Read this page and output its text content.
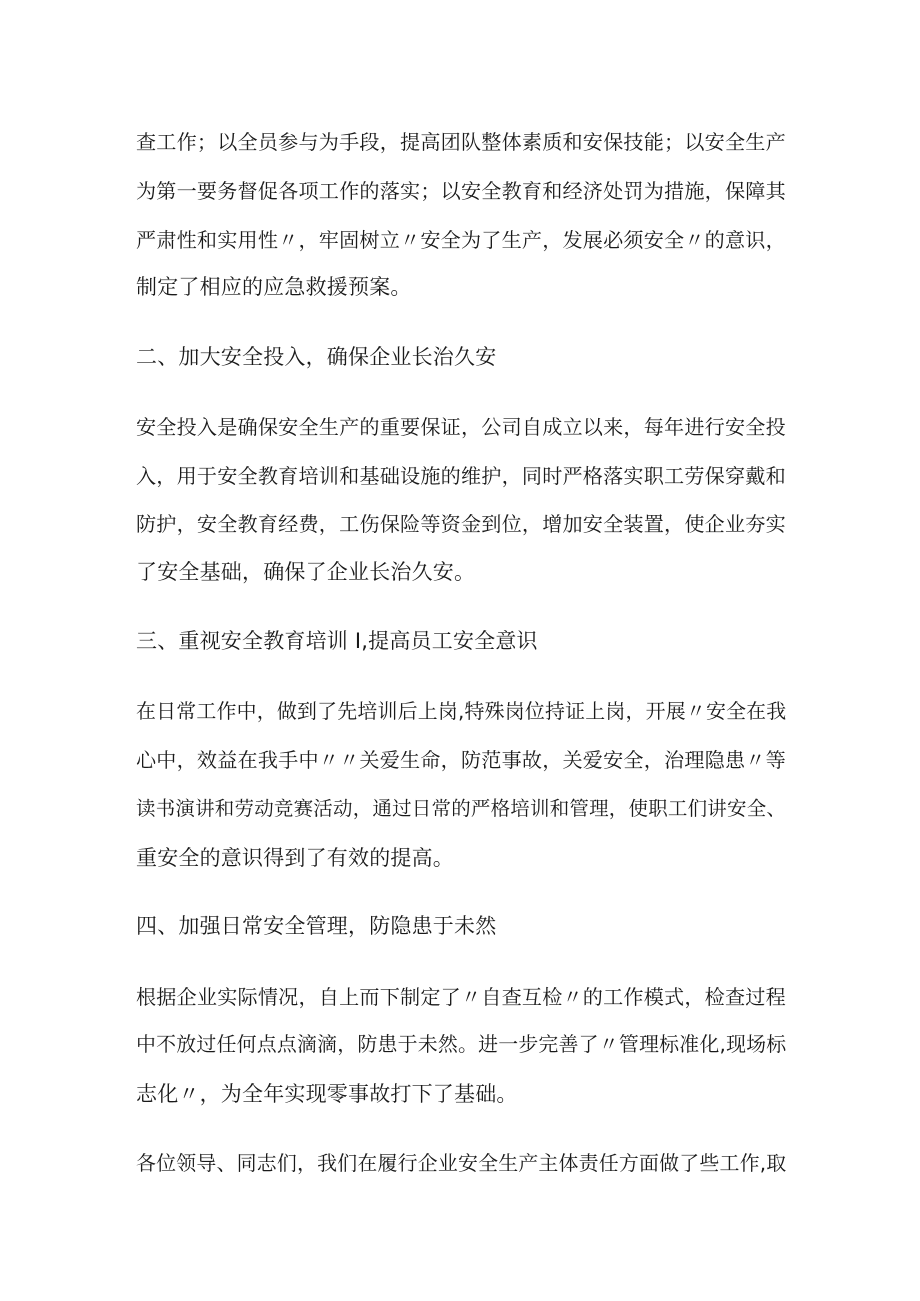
查工作；以全员参与为手段，提高团队整体素质和安保技能；以安全生产
为第一要务督促各项工作的落实；以安全教育和经济处罚为措施，保障其
严肃性和实用性〃，牢固树立〃安全为了生产，发展必须安全〃的意识，
制定了相应的应急救援预案。
二、加大安全投入，确保企业长治久安
安全投入是确保安全生产的重要保证，公司自成立以来，每年进行安全投
入，用于安全教育培训和基础设施的维护，同时严格落实职工劳保穿戴和
防护，安全教育经费，工伤保险等资金到位，增加安全装置，使企业夯实
了安全基础，确保了企业长治久安。
三、重视安全教育培训 I,提高员工安全意识
在日常工作中，做到了先培训后上岗,特殊岗位持证上岗，开展〃安全在我
心中，效益在我手中〃〃关爱生命，防范事故，关爱安全，治理隐患〃等
读书演讲和劳动竞赛活动，通过日常的严格培训和管理，使职工们讲安全、
重安全的意识得到了有效的提高。
四、加强日常安全管理，防隐患于未然
根据企业实际情况，自上而下制定了〃自查互检〃的工作模式，检查过程
中不放过任何点点滴滴，防患于未然。进一步完善了〃管理标准化,现场标
志化〃，为全年实现零事故打下了基础。
各位领导、同志们，我们在履行企业安全生产主体责任方面做了些工作,取
